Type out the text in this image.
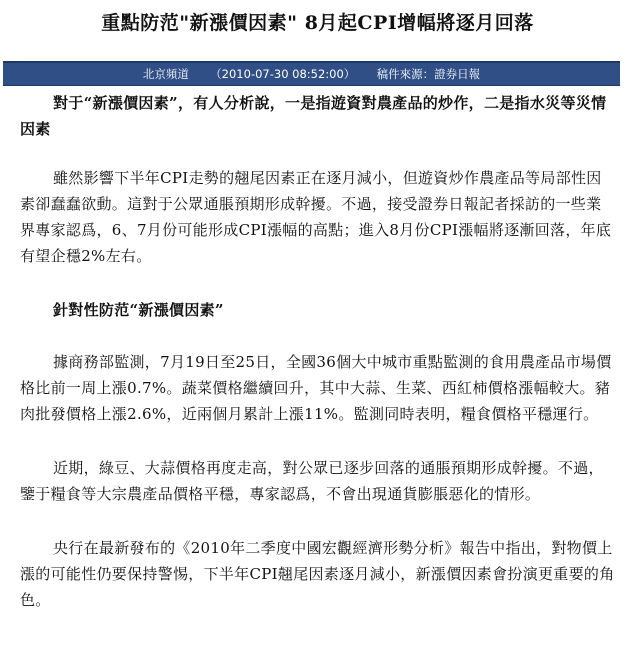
重點防范"新漲價因素" 8月起CPI增幅將逐月回落
北京頻道 （2010-07-30 08:52:00） 稿件來源：證券日報

對于“新漲價因素”，有人分析說，一是指遊資對農產品的炒作，二是指水災等災情因素

雖然影響下半年CPI走勢的翹尾因素正在逐月減小，但遊資炒作農產品等局部性因素卻蠢蠢欲動。這對于公眾通脹預期形成幹擾。不過，接受證券日報記者採訪的一些業界專家認爲，6、7月份可能形成CPI漲幅的高點；進入8月份CPI漲幅將逐漸回落，年底有望企穩2%左右。

針對性防范“新漲價因素”

據商務部監測，7月19日至25日，全國36個大中城市重點監測的食用農產品市場價格比前一周上漲0.7%。蔬菜價格繼續回升，其中大蒜、生菜、西紅柿價格漲幅較大。豬肉批發價格上漲2.6%，近兩個月累計上漲11%。監測同時表明，糧食價格平穩運行。

近期，綠豆、大蒜價格再度走高，對公眾已逐步回落的通脹預期形成幹擾。不過，鑒于糧食等大宗農產品價格平穩，專家認爲，不會出現通貨膨脹惡化的情形。

央行在最新發布的《2010年二季度中國宏觀經濟形勢分析》報告中指出，對物價上漲的可能性仍要保持警惕，下半年CPI翹尾因素逐月減小，新漲價因素會扮演更重要的角色。
